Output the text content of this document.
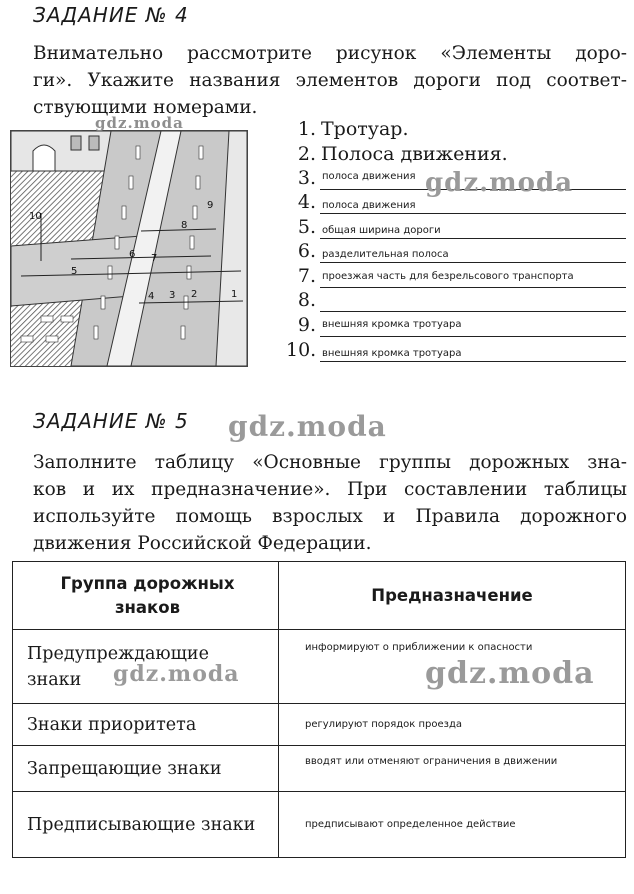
ЗАДАНИЕ № 4
Внимательно рассмотрите рисунок «Элементы доро-
ги». Укажите названия элементов дороги под соответ-
ствующими номерами.
1
2
3
4
5
6 7
8
9
10
gdz.moda	1. Тротуар.
2. Полоса движения.
3. полоса движения
4. полоса движения
5. общая ширина дороги
6. разделительная полоса
7. проезжая часть для безрельсового транспорта
8.
9. внешняя кромка тротуара
10. внешняя кромка тротуара
gdz.moda
ЗАДАНИЕ № 5 gdz.moda
Заполните таблицу «Основные группы дорожных зна-
ков и их предназначение». При составлении таблицы
используйте помощь взрослых и Правила дорожного
движения Российской Федерации.
Группа дорожных знаков	Предназначение
Предупреждающие знаки	информируют о приближении к опасности
Знаки приоритета	регулируют порядок проезда
Запрещающие знаки	вводят или отменяют ограничения в движении
Предписывающие знаки	предписывают определенное действие
gdz.moda	gdz.moda
